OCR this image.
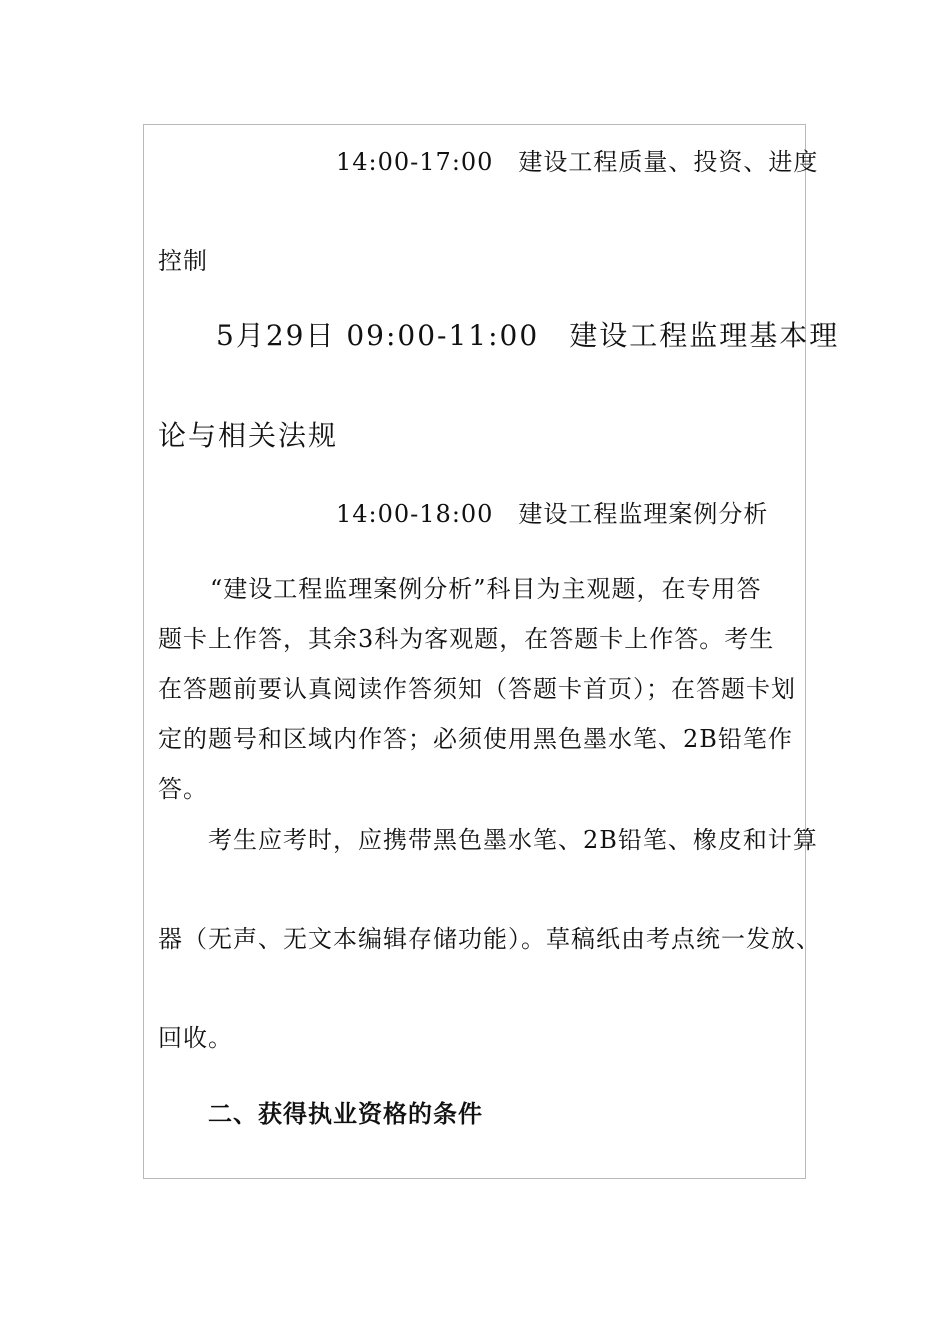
14:00-17:00　建设工程质量、投资、进度
控制
5月29日 09:00-11:00　建设工程监理基本理
论与相关法规
14:00-18:00　建设工程监理案例分析
“建设工程监理案例分析”科目为主观题，在专用答
题卡上作答，其余3科为客观题，在答题卡上作答。考生
在答题前要认真阅读作答须知（答题卡首页）；在答题卡划
定的题号和区域内作答；必须使用黑色墨水笔、2B铅笔作
答。
考生应考时，应携带黑色墨水笔、2B铅笔、橡皮和计算
器（无声、无文本编辑存储功能）。草稿纸由考点统一发放、
回收。
二、获得执业资格的条件
